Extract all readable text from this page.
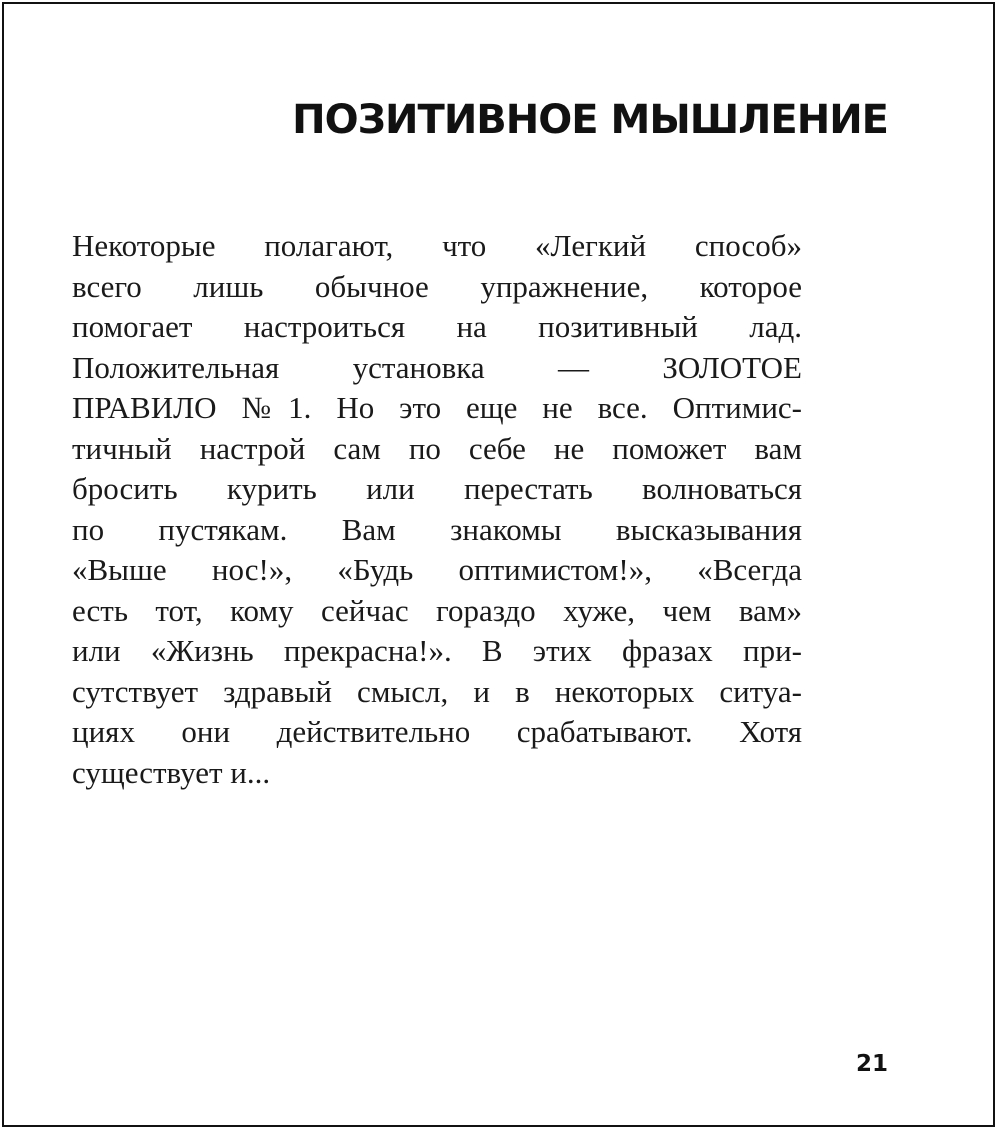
ПОЗИТИВНОЕ МЫШЛЕНИЕ
Некоторые полагают, что «Легкий способ»
всего лишь обычное упражнение, которое
помогает настроиться на позитивный лад.
Положительная установка — ЗОЛОТОЕ
ПРАВИЛО №1. Но это еще не все. Оптимис-
тичный настрой сам по себе не поможет вам
бросить курить или перестать волноваться
по пустякам. Вам знакомы высказывания
«Выше нос!», «Будь оптимистом!», «Всегда
есть тот, кому сейчас гораздо хуже, чем вам»
или «Жизнь прекрасна!». В этих фразах при-
сутствует здравый смысл, и в некоторых ситуа-
циях они действительно срабатывают. Хотя
существует и...
21
